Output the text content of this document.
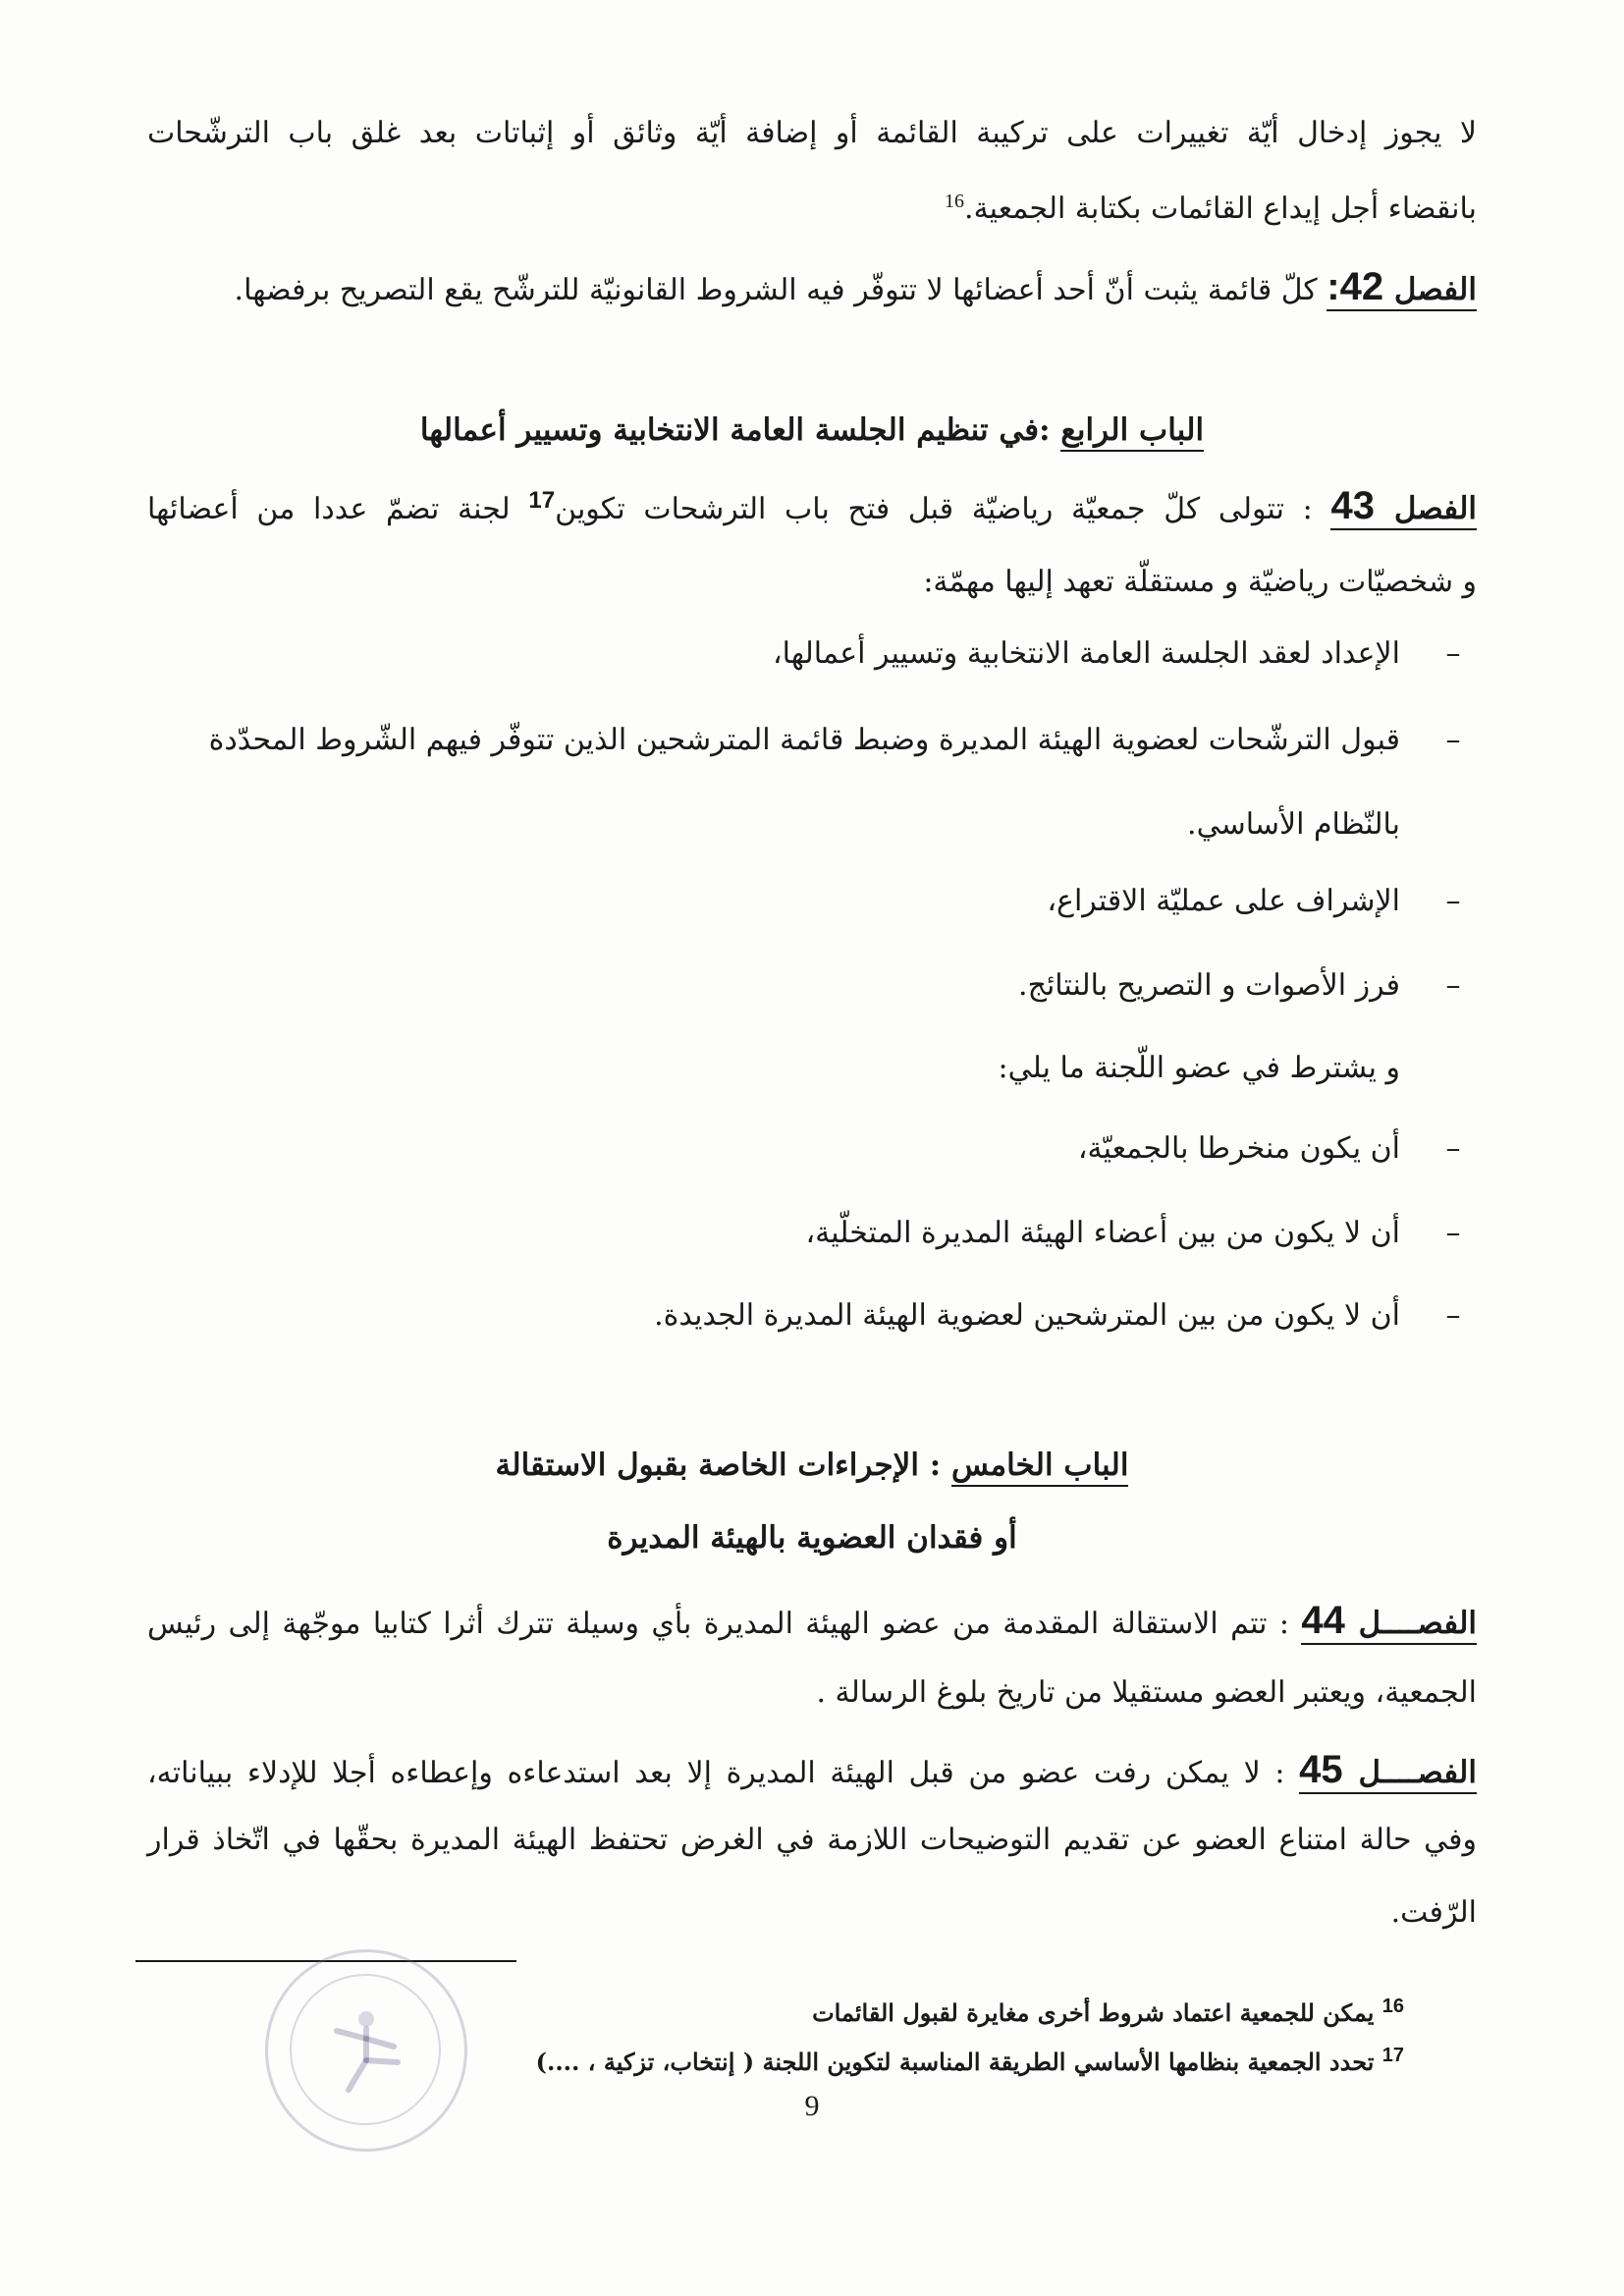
لا يجوز إدخال أيّة تغييرات على تركيبة القائمة أو إضافة أيّة وثائق أو إثباتات بعد غلق باب الترشّحات
بانقضاء أجل إيداع القائمات بكتابة الجمعية.$^{16}$
الفصل 42: كلّ قائمة يثبت أنّ أحد أعضائها لا تتوفّر فيه الشروط القانونيّة للترشّح يقع التصريح برفضها.
الباب الرابع :في تنظيم الجلسة العامة الانتخابية وتسيير أعمالها
الفصل 43 : تتولى كلّ جمعيّة رياضيّة قبل فتح باب الترشحات تكوين$^{17}$ لجنة تضمّ عددا من أعضائها
و شخصيّات رياضيّة و مستقلّة تعهد إليها مهمّة:
الإعداد لعقد الجلسة العامة الانتخابية وتسيير أعمالها،	–
قبول الترشّحات لعضوية الهيئة المديرة وضبط قائمة المترشحين الذين تتوفّر فيهم الشّروط المحدّدة	–
بالنّظام الأساسي.
الإشراف على عمليّة الاقتراع،	–
فرز الأصوات و التصريح بالنتائج.	–
و يشترط في عضو اللّجنة ما يلي:
أن يكون منخرطا بالجمعيّة،	–
أن لا يكون من بين أعضاء الهيئة المديرة المتخلّية،	–
أن لا يكون من بين المترشحين لعضوية الهيئة المديرة الجديدة.	–
الباب الخامس : الإجراءات الخاصة بقبول الاستقالة
أو فقدان العضوية بالهيئة المديرة
الفصــــل 44 : تتم الاستقالة المقدمة من عضو الهيئة المديرة بأي وسيلة تترك أثرا كتابيا موجّهة إلى رئيس
الجمعية، ويعتبر العضو مستقيلا من تاريخ بلوغ الرسالة .
الفصــــل 45 : لا يمكن رفت عضو من قبل الهيئة المديرة إلا بعد استدعاءه وإعطاءه أجلا للإدلاء ببياناته،
وفي حالة امتناع العضو عن تقديم التوضيحات اللازمة في الغرض تحتفظ الهيئة المديرة بحقّها في اتّخاذ قرار
الرّفت.
$^{16}$ يمكن للجمعية اعتماد شروط أخرى مغايرة لقبول القائمات
$^{17}$ تحدد الجمعية بنظامها الأساسي الطريقة المناسبة لتكوين اللجنة ( إنتخاب، تزكية ، ....)
9
